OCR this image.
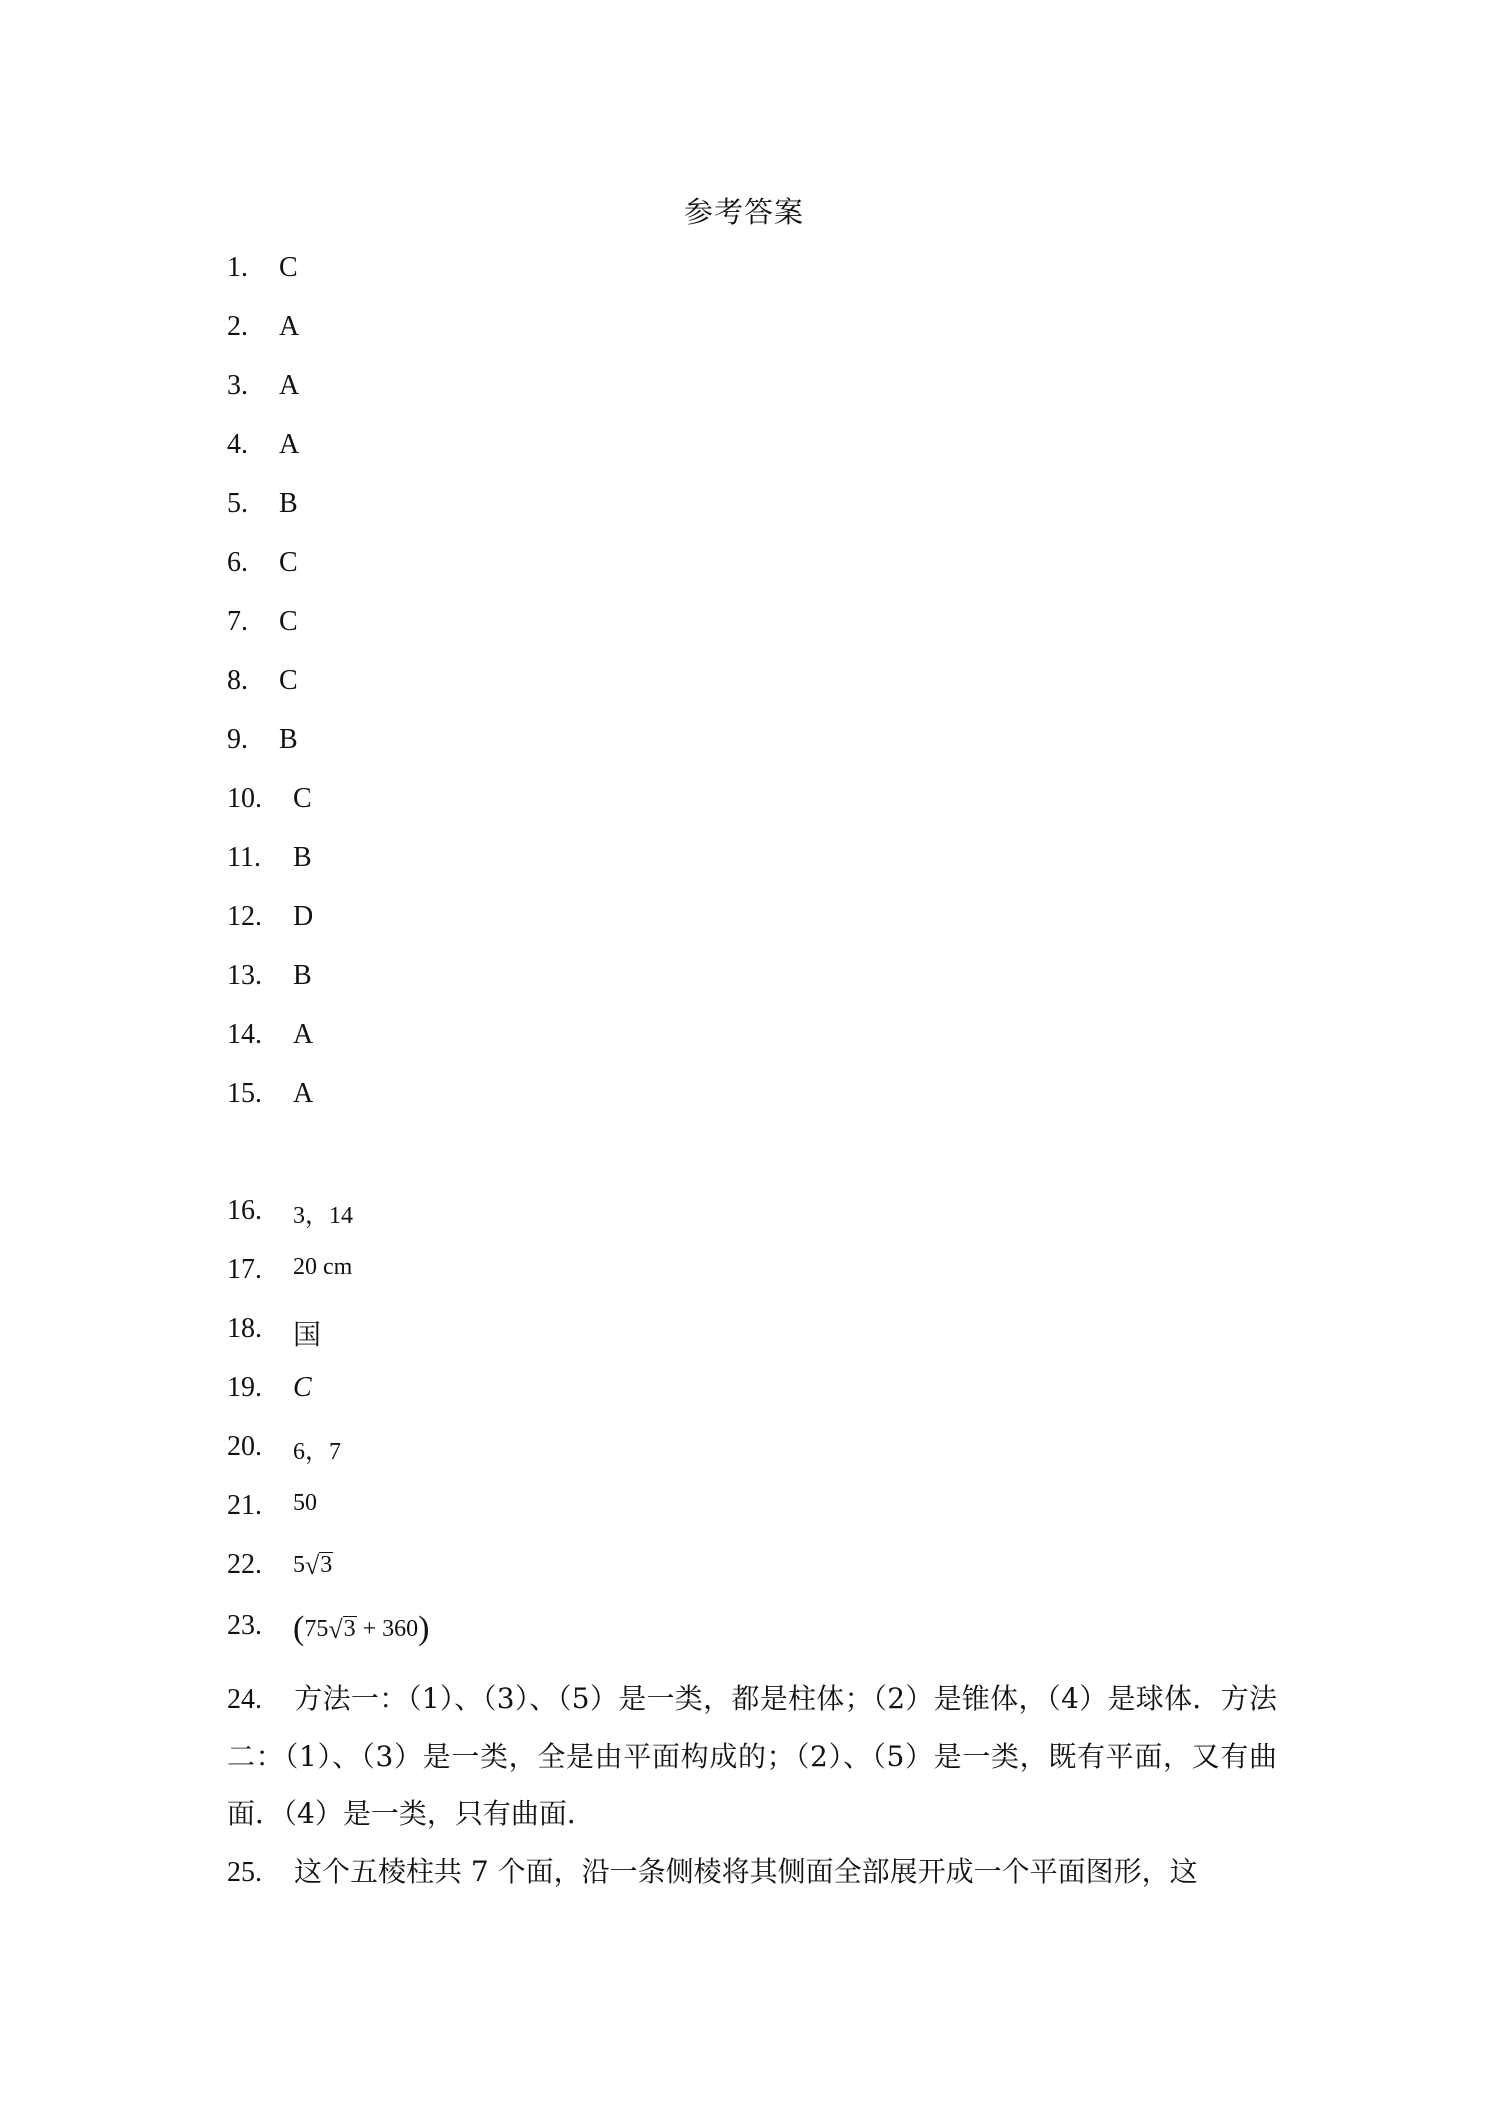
参考答案
1. C
2. A
3. A
4. A
5. B
6. C
7. C
8. C
9. B
10. C
11. B
12. D
13. B
14. A
15. A
16. 3，14
17. 20 cm
18. 国
19. C
20. 6，7
21. 50
22. 5√3
23. (75√3 + 360)
24. 方法一：（1）、（3）、（5）是一类，都是柱体；（2）是锥体，（4）是球体．方法二：（1）、（3）是一类，全是由平面构成的；（2）、（5）是一类，既有平面，又有曲面．（4）是一类，只有曲面．
25. 这个五棱柱共 7 个面，沿一条侧棱将其侧面全部展开成一个平面图形，这
